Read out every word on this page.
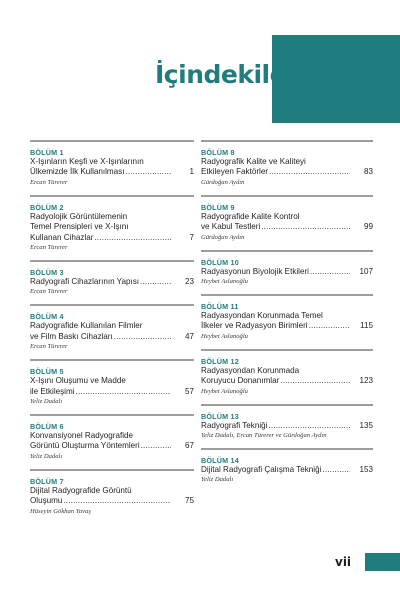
İçindekiler
BÖLÜM 1
X-Işınların Keşfi ve X-Işınlarının
Ülkemizde İlk Kullanılması .....	1
Ercan Türerer
BÖLÜM 2
Radyolojik Görüntülemenin
Temel Prensipleri ve X-Işını
Kullanan Cihazlar .....	7
Ercan Türerer
BÖLÜM 3
Radyografi Cihazlarının Yapısı .....	23
Ercan Türerer
BÖLÜM 4
Radyografide Kullanılan Filmler
ve Film Baskı Cihazları .....	47
Ercan Türerer
BÖLÜM 5
X-Işını Oluşumu ve Madde
ile Etkileşimi .....	57
Yeliz Dadalı
BÖLÜM 6
Konvansiyonel Radyografide
Görüntü Oluşturma Yöntemleri .....	67
Yeliz Dadalı
BÖLÜM 7
Dijital Radyografide Görüntü
Oluşumu .....	75
Hüseyin Gökhan Yavaş
BÖLÜM 8
Radyografik Kalite ve Kaliteyi
Etkileyen Faktörler .....	83
Gürdoğan Aydın
BÖLÜM 9
Radyografide Kalite Kontrol
ve Kabul Testleri .....	99
Gürdoğan Aydın
BÖLÜM 10
Radyasyonun Biyolojik Etkileri .....	107
Heybet Aslanoğlu
BÖLÜM 11
Radyasyondan Korunmada Temel
İlkeler ve Radyasyon Birimleri .....	115
Heybet Aslanoğlu
BÖLÜM 12
Radyasyondan Korunmada
Koruyucu Donanımlar .....	123
Heybet Aslanoğlu
BÖLÜM 13
Radyografi Tekniği .....	135
Yeliz Dadalı, Ercan Türerer ve Gürdoğan Aydın
BÖLÜM 14
Dijital Radyografi Çalışma Tekniği .....	153
Yeliz Dadalı
vii
